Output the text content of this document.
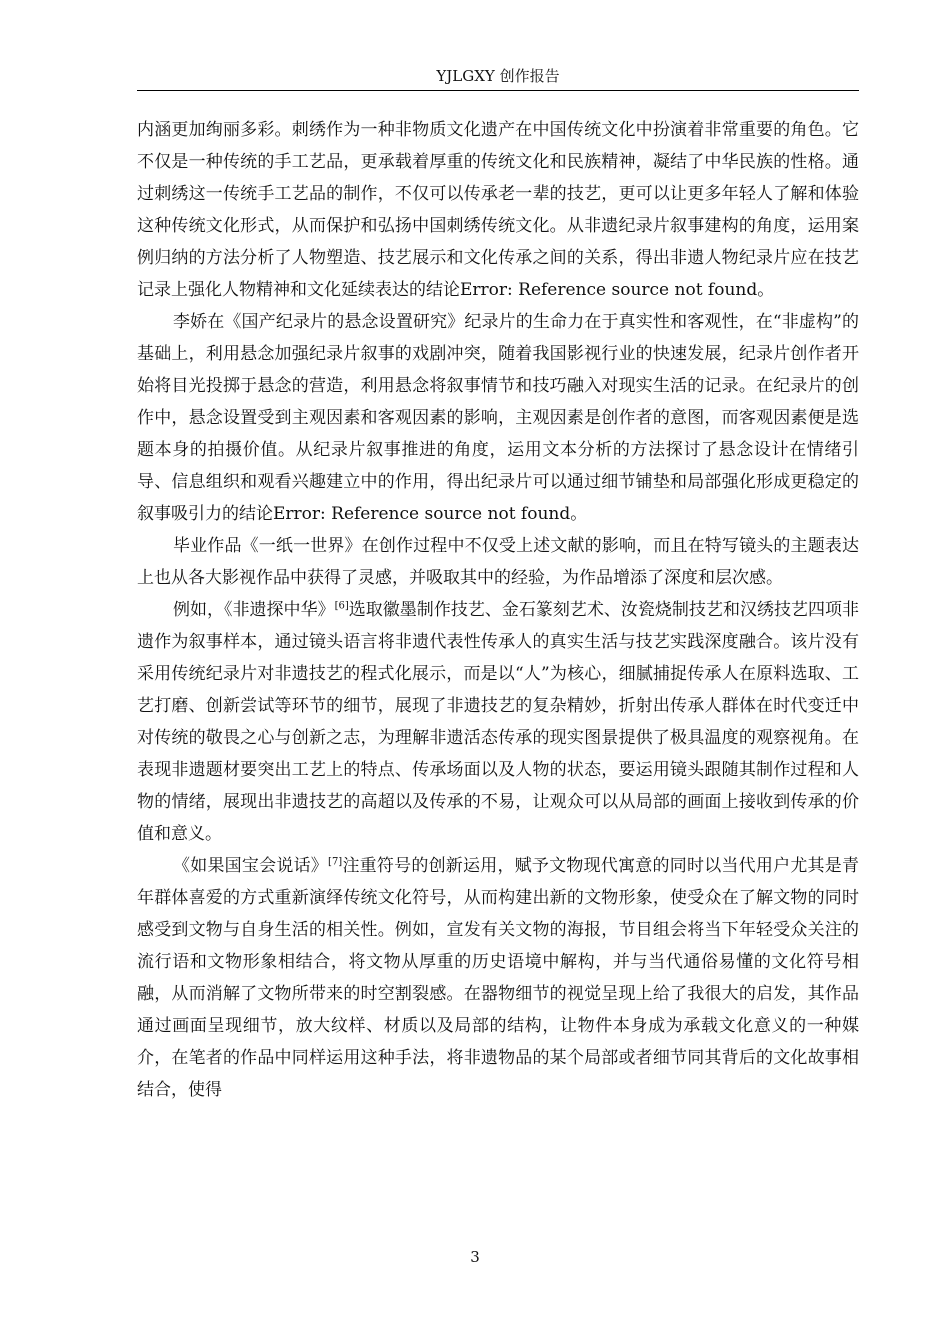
YJLGXY 创作报告

内涵更加绚丽多彩。刺绣作为一种非物质文化遗产在中国传统文化中扮演着非常重要的角色。它不仅是一种传统的手工艺品，更承载着厚重的传统文化和民族精神，凝结了中华民族的性格。通过刺绣这一传统手工艺品的制作，不仅可以传承老一辈的技艺，更可以让更多年轻人了解和体验这种传统文化形式，从而保护和弘扬中国刺绣传统文化。从非遗纪录片叙事建构的角度，运用案例归纳的方法分析了人物塑造、技艺展示和文化传承之间的关系，得出非遗人物纪录片应在技艺记录上强化人物精神和文化延续表达的结论Error: Reference source not found。

李娇在《国产纪录片的悬念设置研究》纪录片的生命力在于真实性和客观性，在“非虚构”的基础上，利用悬念加强纪录片叙事的戏剧冲突，随着我国影视行业的快速发展，纪录片创作者开始将目光投掷于悬念的营造，利用悬念将叙事情节和技巧融入对现实生活的记录。在纪录片的创作中，悬念设置受到主观因素和客观因素的影响，主观因素是创作者的意图，而客观因素便是选题本身的拍摄价值。从纪录片叙事推进的角度，运用文本分析的方法探讨了悬念设计在情绪引导、信息组织和观看兴趣建立中的作用，得出纪录片可以通过细节铺垫和局部强化形成更稳定的叙事吸引力的结论Error: Reference source not found。

毕业作品《一纸一世界》在创作过程中不仅受上述文献的影响，而且在特写镜头的主题表达上也从各大影视作品中获得了灵感，并吸取其中的经验，为作品增添了深度和层次感。

例如，《非遗探中华》[6]选取徽墨制作技艺、金石篆刻艺术、汝瓷烧制技艺和汉绣技艺四项非遗作为叙事样本，通过镜头语言将非遗代表性传承人的真实生活与技艺实践深度融合。该片没有采用传统纪录片对非遗技艺的程式化展示，而是以“人”为核心，细腻捕捉传承人在原料选取、工艺打磨、创新尝试等环节的细节，展现了非遗技艺的复杂精妙，折射出传承人群体在时代变迁中对传统的敬畏之心与创新之志，为理解非遗活态传承的现实图景提供了极具温度的观察视角。在表现非遗题材要突出工艺上的特点、传承场面以及人物的状态，要运用镜头跟随其制作过程和人物的情绪，展现出非遗技艺的高超以及传承的不易，让观众可以从局部的画面上接收到传承的价值和意义。

《如果国宝会说话》[7]注重符号的创新运用，赋予文物现代寓意的同时以当代用户尤其是青年群体喜爱的方式重新演绎传统文化符号，从而构建出新的文物形象，使受众在了解文物的同时感受到文物与自身生活的相关性。例如，宣发有关文物的海报，节目组会将当下年轻受众关注的流行语和文物形象相结合，将文物从厚重的历史语境中解构，并与当代通俗易懂的文化符号相融，从而消解了文物所带来的时空割裂感。在器物细节的视觉呈现上给了我很大的启发，其作品通过画面呈现细节，放大纹样、材质以及局部的结构，让物件本身成为承载文化意义的一种媒介，在笔者的作品中同样运用这种手法，将非遗物品的某个局部或者细节同其背后的文化故事相结合，使得

3
